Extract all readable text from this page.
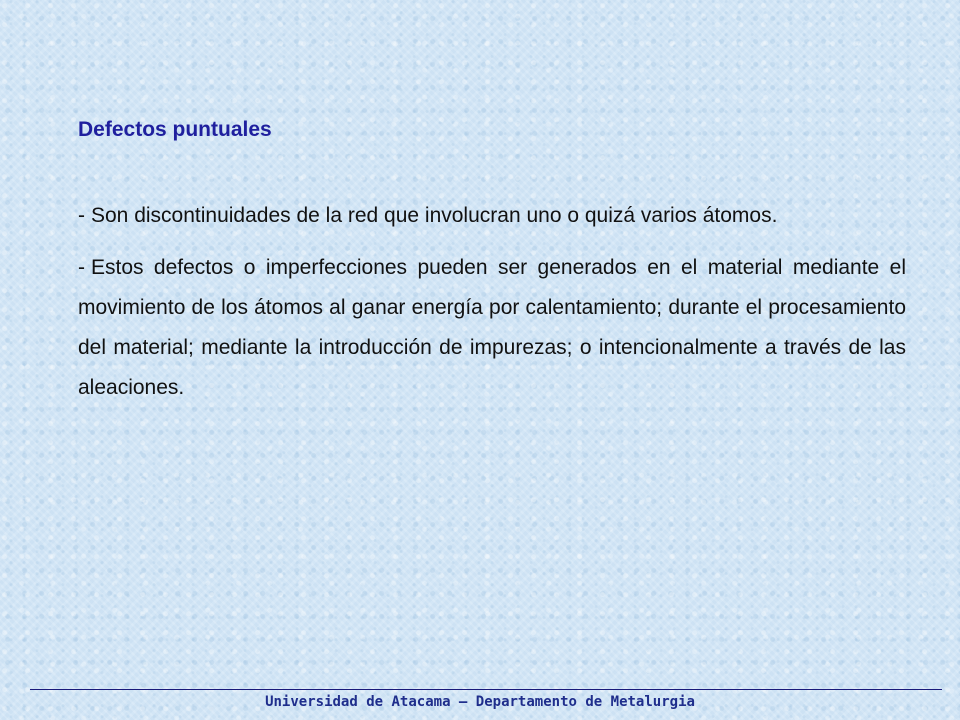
Defectos puntuales

- Son discontinuidades de la red que involucran uno o quizá varios átomos.

- Estos defectos o imperfecciones pueden ser generados en el material mediante el movimiento de los átomos al ganar energía por calentamiento; durante el procesamiento del material; mediante la introducción de impurezas; o intencionalmente a través de las aleaciones.

Universidad de Atacama – Departamento de Metalurgia
